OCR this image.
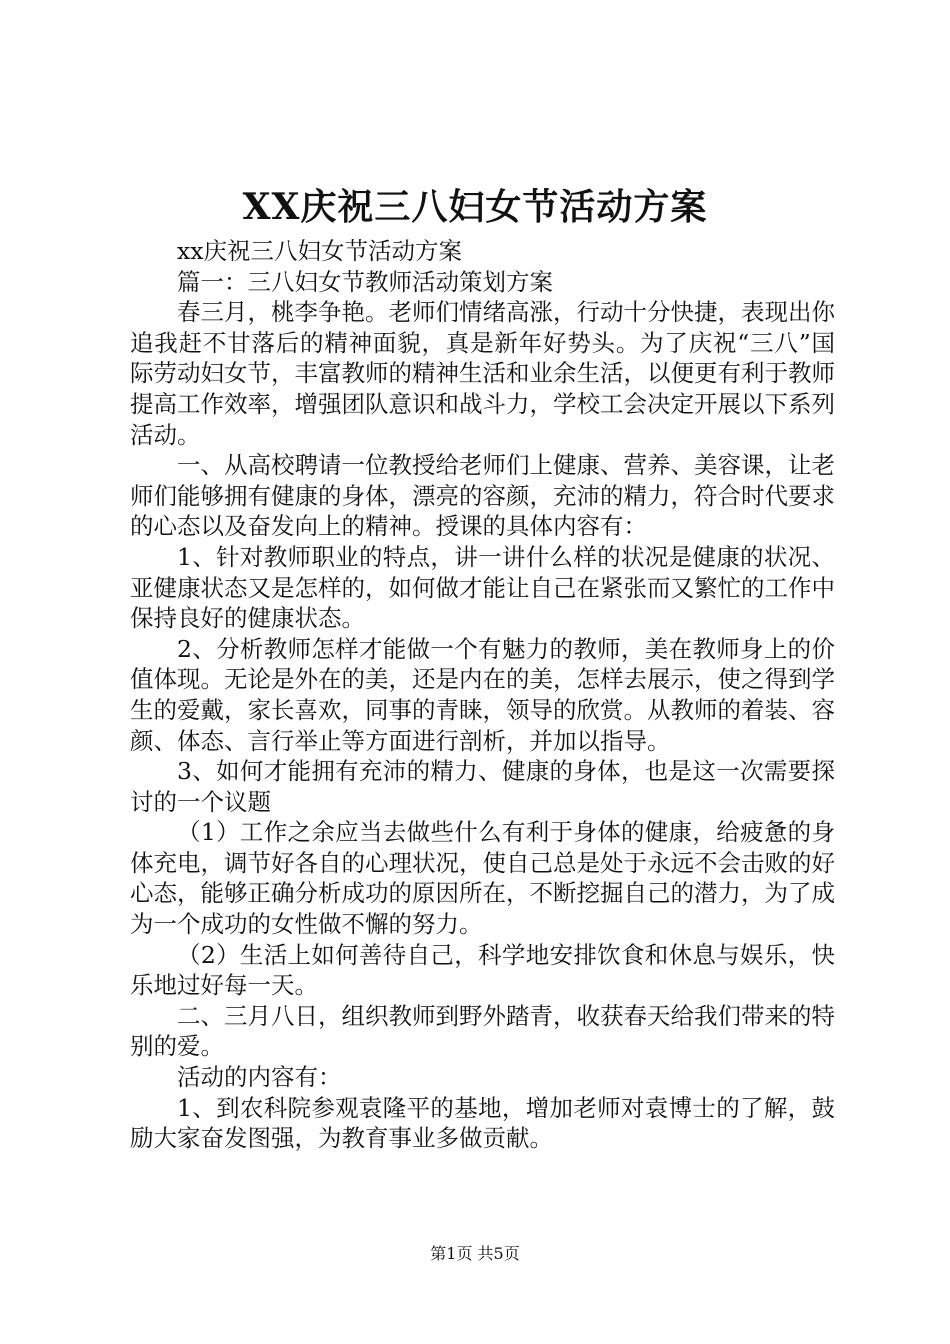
XX庆祝三八妇女节活动方案

xx庆祝三八妇女节活动方案

篇一：三八妇女节教师活动策划方案

春三月，桃李争艳。老师们情绪高涨，行动十分快捷，表现出你追我赶不甘落后的精神面貌，真是新年好势头。为了庆祝“三八”国际劳动妇女节，丰富教师的精神生活和业余生活，以便更有利于教师提高工作效率，增强团队意识和战斗力，学校工会决定开展以下系列活动。

一、从高校聘请一位教授给老师们上健康、营养、美容课，让老师们能够拥有健康的身体，漂亮的容颜，充沛的精力，符合时代要求的心态以及奋发向上的精神。授课的具体内容有：

1、针对教师职业的特点，讲一讲什么样的状况是健康的状况、亚健康状态又是怎样的，如何做才能让自己在紧张而又繁忙的工作中保持良好的健康状态。

2、分析教师怎样才能做一个有魅力的教师，美在教师身上的价值体现。无论是外在的美，还是内在的美，怎样去展示，使之得到学生的爱戴，家长喜欢，同事的青睐，领导的欣赏。从教师的着装、容颜、体态、言行举止等方面进行剖析，并加以指导。

3、如何才能拥有充沛的精力、健康的身体，也是这一次需要探讨的一个议题

（1）工作之余应当去做些什么有利于身体的健康，给疲惫的身体充电，调节好各自的心理状况，使自己总是处于永远不会击败的好心态，能够正确分析成功的原因所在，不断挖掘自己的潜力，为了成为一个成功的女性做不懈的努力。

（2）生活上如何善待自己，科学地安排饮食和休息与娱乐，快乐地过好每一天。

二、三月八日，组织教师到野外踏青，收获春天给我们带来的特别的爱。

活动的内容有：

1、到农科院参观袁隆平的基地，增加老师对袁博士的了解，鼓励大家奋发图强，为教育事业多做贡献。

第1页 共5页
